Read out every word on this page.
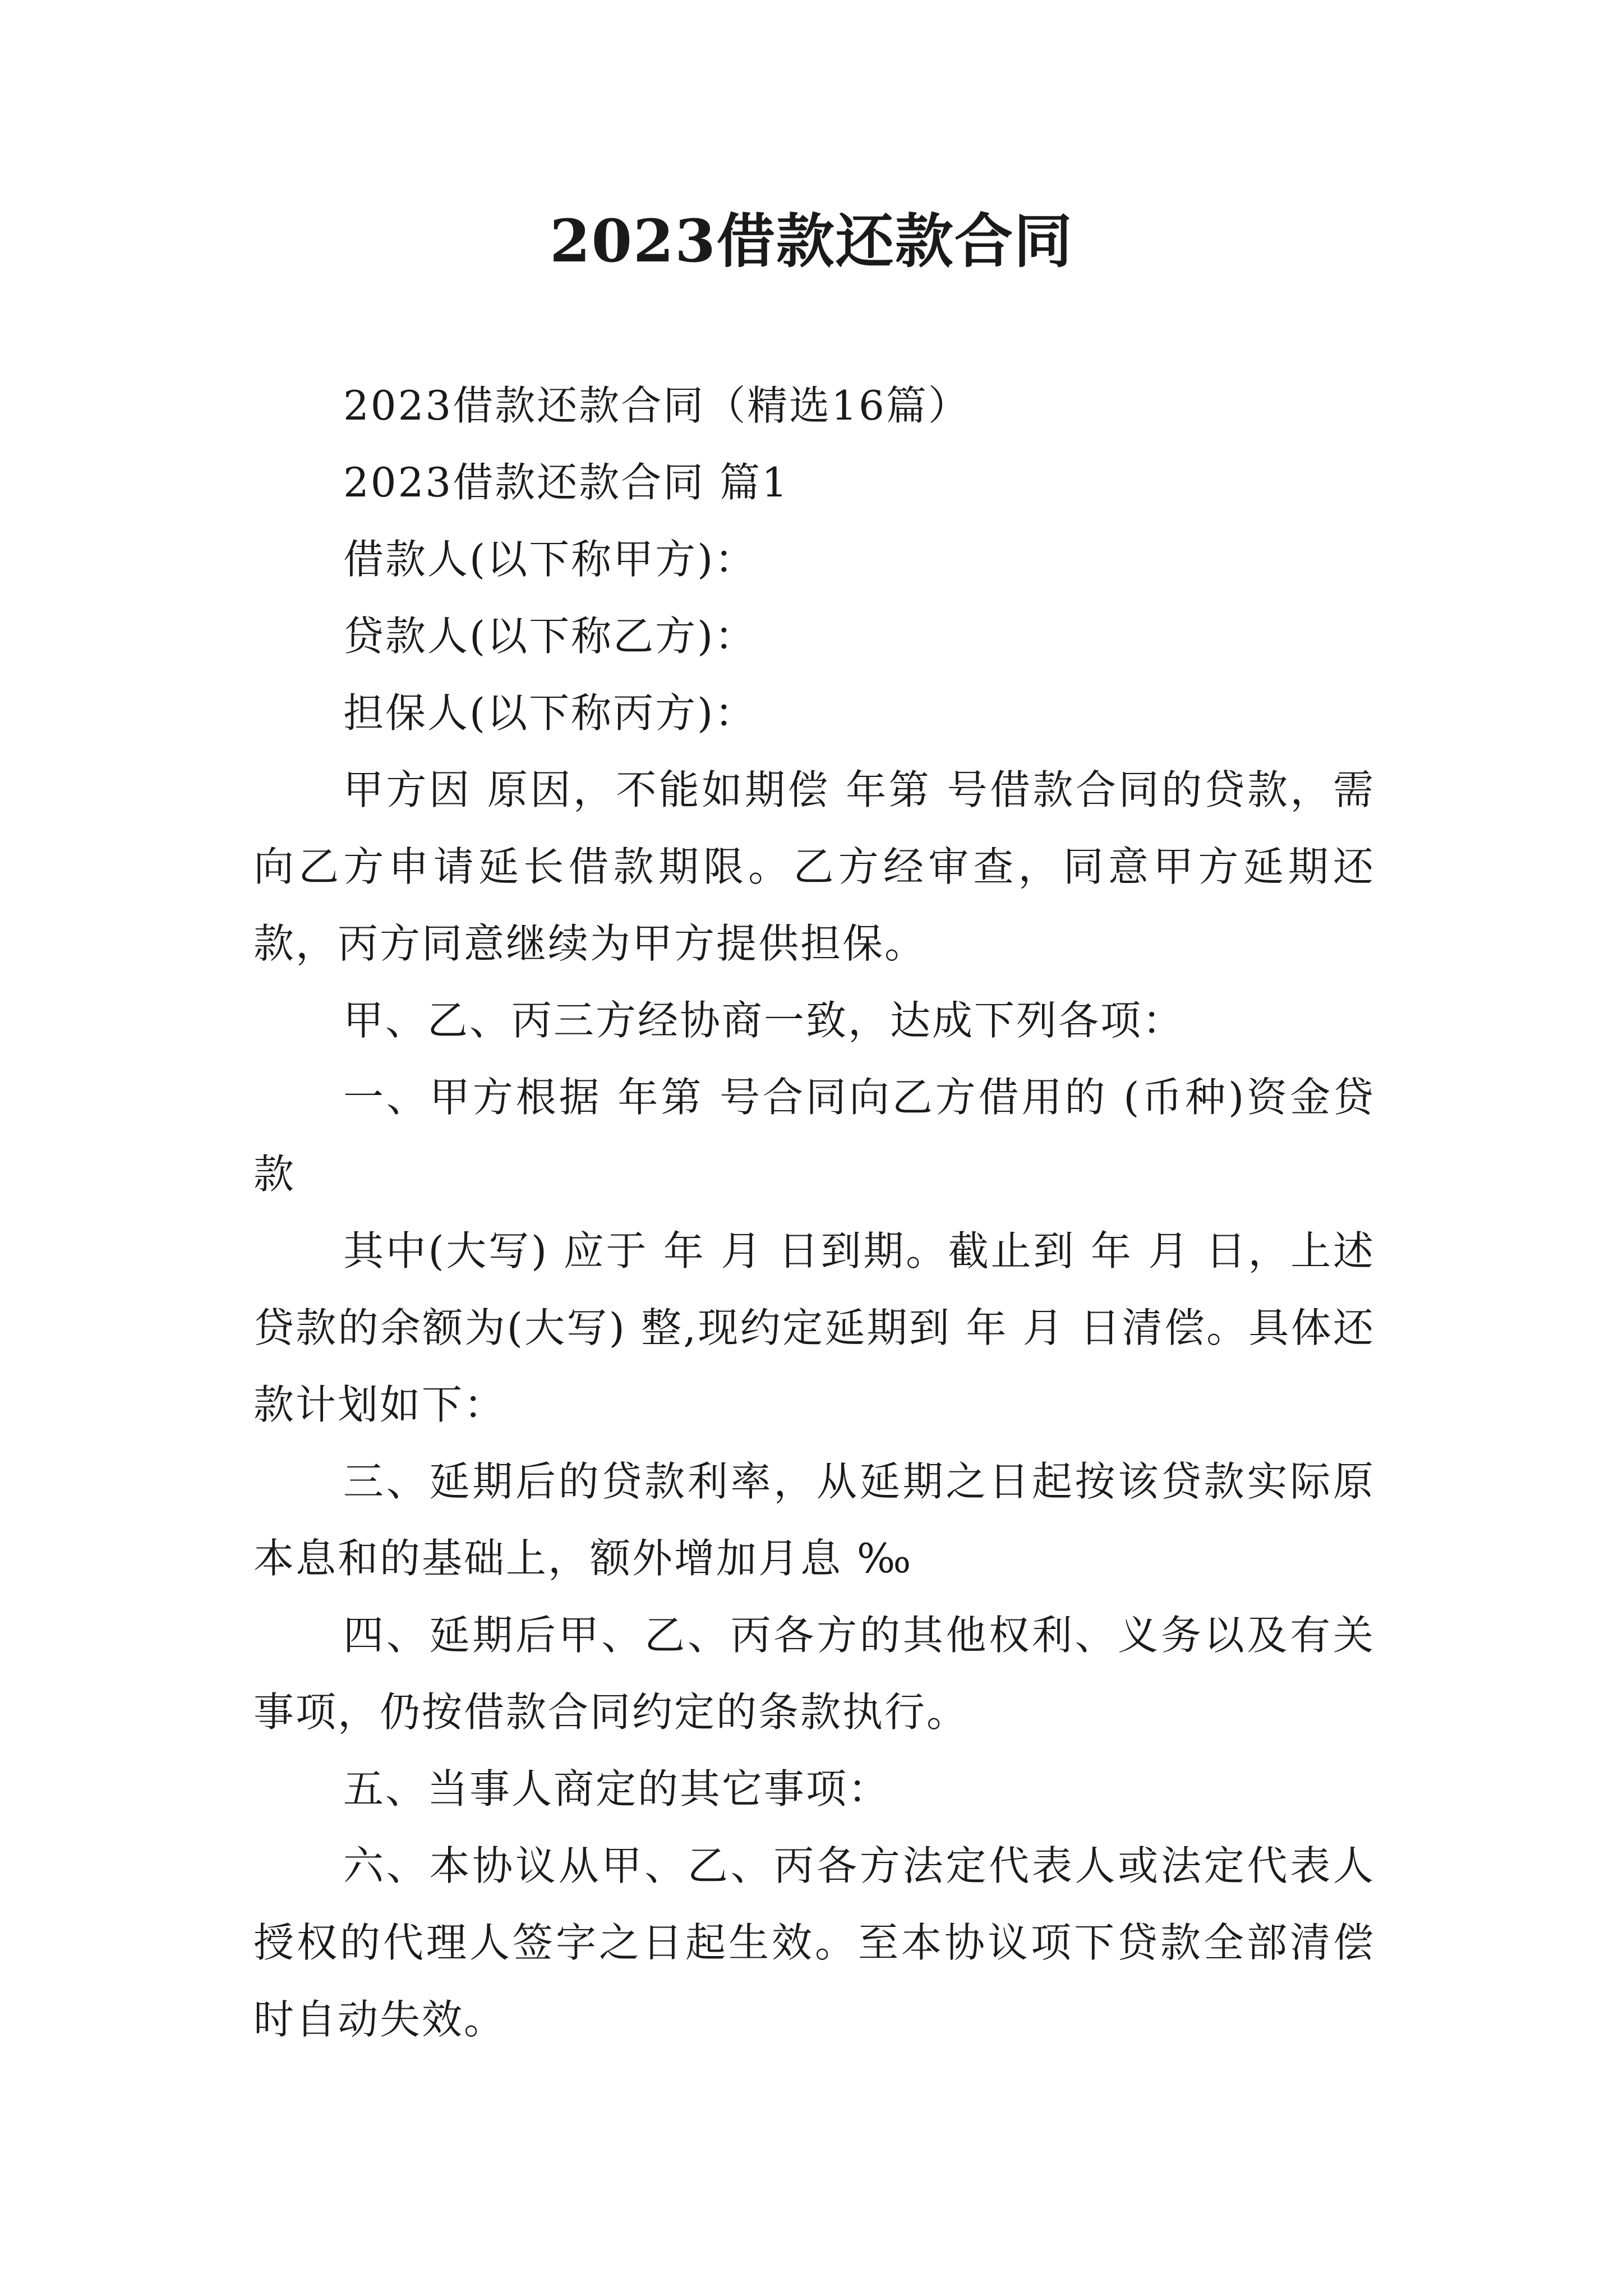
2023借款还款合同

2023借款还款合同（精选16篇）

2023借款还款合同 篇1

借款人(以下称甲方)：

贷款人(以下称乙方)：

担保人(以下称丙方)：

甲方因 原因，不能如期偿 年第 号借款合同的贷款，需向乙方申请延长借款期限。乙方经审查，同意甲方延期还款，丙方同意继续为甲方提供担保。

甲、乙、丙三方经协商一致，达成下列各项：

一、甲方根据 年第 号合同向乙方借用的 (币种)资金贷款

其中(大写) 应于 年 月 日到期。截止到 年 月 日，上述贷款的余额为(大写) 整,现约定延期到 年 月 日清偿。具体还款计划如下：

三、延期后的贷款利率，从延期之日起按该贷款实际原本息和的基础上，额外增加月息 ‰

四、延期后甲、乙、丙各方的其他权利、义务以及有关事项，仍按借款合同约定的条款执行。

五、当事人商定的其它事项：

六、本协议从甲、乙、丙各方法定代表人或法定代表人授权的代理人签字之日起生效。至本协议项下贷款全部清偿时自动失效。
